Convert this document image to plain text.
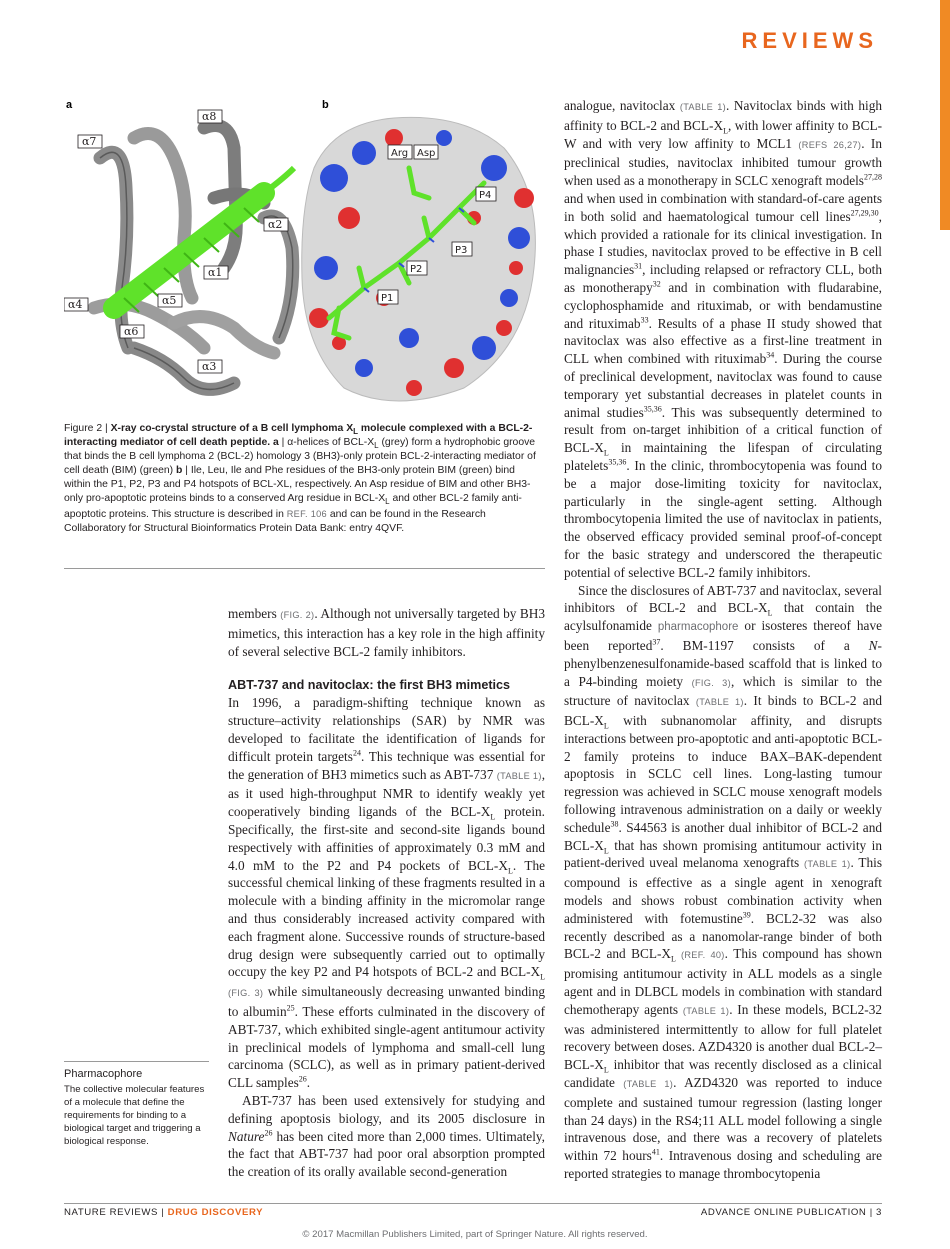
REVIEWS
a
α8
α7
α2
α1
α4	α5
α6
α3
b
Arg Asp
P4
P3
P2
P1
Figure 2 | X-ray co-crystal structure of a B cell lymphoma $X_L$ molecule complexed with a BCL-2-interacting mediator of cell death peptide. a | α-helices of BCL-$X_L$ (grey) form a hydrophobic groove that binds the B cell lymphoma 2 (BCL-2) homology 3 (BH3)-only protein BCL-2-interacting mediator of cell death (BIM) (green) b | Ile, Leu, Ile and Phe residues of the BH3-only protein BIM (green) bind within the P1, P2, P3 and P4 hotspots of BCL-XL, respectively. An Asp residue of BIM and other BH3-only pro-apoptotic proteins binds to a conserved Arg residue in BCL-$X_L$ and other BCL-2 family anti-apoptotic proteins. This structure is described in REF. 106 and can be found in the Research Collaboratory for Structural Bioinformatics Protein Data Bank: entry 4QVF.

members (FIG. 2). Although not universally targeted by BH3 mimetics, this interaction has a key role in the high affinity of several selective BCL-2 family inhibitors.

ABT-737 and navitoclax: the first BH3 mimetics

In 1996, a paradigm-shifting technique known as structure–activity relationships (SAR) by NMR was developed to facilitate the identification of ligands for difficult protein targets$^{24}$. This technique was essential for the generation of BH3 mimetics such as ABT-737 (TABLE 1), as it used high-throughput NMR to identify weakly yet cooperatively binding ligands of the BCL-$X_L$ protein. Specifically, the first-site and second-site ligands bound respectively with affinities of approximately 0.3 mM and 4.0 mM to the P2 and P4 pockets of BCL-$X_L$. The successful chemical linking of these fragments resulted in a molecule with a binding affinity in the micromolar range and thus considerably increased activity compared with each fragment alone. Successive rounds of structure-based drug design were subsequently carried out to optimally occupy the key P2 and P4 hotspots of BCL-2 and BCL-$X_L$ (FIG. 3) while simultaneously decreasing unwanted binding to albumin$^{25}$. These efforts culminated in the discovery of ABT-737, which exhibited single-agent antitumour activity in preclinical models of lymphoma and small-cell lung carcinoma (SCLC), as well as in primary patient-derived CLL samples$^{26}$.

ABT-737 has been used extensively for studying and defining apoptosis biology, and its 2005 disclosure in Nature$^{26}$ has been cited more than 2,000 times. Ultimately, the fact that ABT-737 had poor oral absorption prompted the creation of its orally available second-generation

analogue, navitoclax (TABLE 1). Navitoclax binds with high affinity to BCL-2 and BCL-$X_L$, with lower affinity to BCL-W and with very low affinity to MCL1 (REFS 26,27). In preclinical studies, navitoclax inhibited tumour growth when used as a monotherapy in SCLC xenograft models$^{27,28}$ and when used in combination with standard-of-care agents in both solid and haematological tumour cell lines$^{27,29,30}$, which provided a rationale for its clinical investigation. In phase I studies, navitoclax proved to be effective in B cell malignancies$^{31}$, including relapsed or refractory CLL, both as monotherapy$^{32}$ and in combination with fludarabine, cyclophosphamide and rituximab, or with bendamustine and rituximab$^{33}$. Results of a phase II study showed that navitoclax was also effective as a first-line treatment in CLL when combined with rituximab$^{34}$. During the course of preclinical development, navitoclax was found to cause temporary yet substantial decreases in platelet counts in animal studies$^{35,36}$. This was subsequently determined to result from on-target inhibition of a critical function of BCL-$X_L$ in maintaining the lifespan of circulating platelets$^{35,36}$. In the clinic, thrombocytopenia was found to be a major dose-limiting toxicity for navitoclax, particularly in the single-agent setting. Although thrombocytopenia limited the use of navitoclax in patients, the observed efficacy provided seminal proof-of-concept for the basic strategy and underscored the therapeutic potential of selective BCL-2 family inhibitors.

Since the disclosures of ABT-737 and navitoclax, several inhibitors of BCL-2 and BCL-$X_L$ that contain the acylsulfonamide pharmacophore or isosteres thereof have been reported$^{37}$. BM-1197 consists of a N-phenylbenzenesulfonamide-based scaffold that is linked to a P4-binding moiety (FIG. 3), which is similar to the structure of navitoclax (TABLE 1). It binds to BCL-2 and BCL-$X_L$ with subnanomolar affinity, and disrupts interactions between pro-apoptotic and anti-apoptotic BCL-2 family proteins to induce BAX–BAK-dependent apoptosis in SCLC cell lines. Long-lasting tumour regression was achieved in SCLC mouse xenograft models following intravenous administration on a daily or weekly schedule$^{38}$. S44563 is another dual inhibitor of BCL-2 and BCL-$X_L$ that has shown promising antitumour activity in patient-derived uveal melanoma xenografts (TABLE 1). This compound is effective as a single agent in xenograft models and shows robust combination activity when administered with fotemustine$^{39}$. BCL2-32 was also recently described as a nanomolar-range binder of both BCL-2 and BCL-$X_L$ (REF. 40). This compound has shown promising antitumour activity in ALL models as a single agent and in DLBCL models in combination with standard chemotherapy agents (TABLE 1). In these models, BCL2-32 was administered intermittently to allow for full platelet recovery between doses. AZD4320 is another dual BCL-$2-BCL-X_L$ inhibitor that was recently disclosed as a clinical candidate (TABLE 1). AZD4320 was reported to induce complete and sustained tumour regression (lasting longer than 24 days) in the RS4;11 ALL model following a single intravenous dose, and there was a recovery of platelets within 72 hours$^{41}$. Intravenous dosing and scheduling are reported strategies to manage thrombocytopenia

Pharmacophore
The collective molecular features of a molecule that define the requirements for binding to a biological target and triggering a biological response.
NATURE REVIEWS | DRUG DISCOVERY	ADVANCE ONLINE PUBLICATION | 3
© 2017 Macmillan Publishers Limited, part of Springer Nature. All rights reserved.
